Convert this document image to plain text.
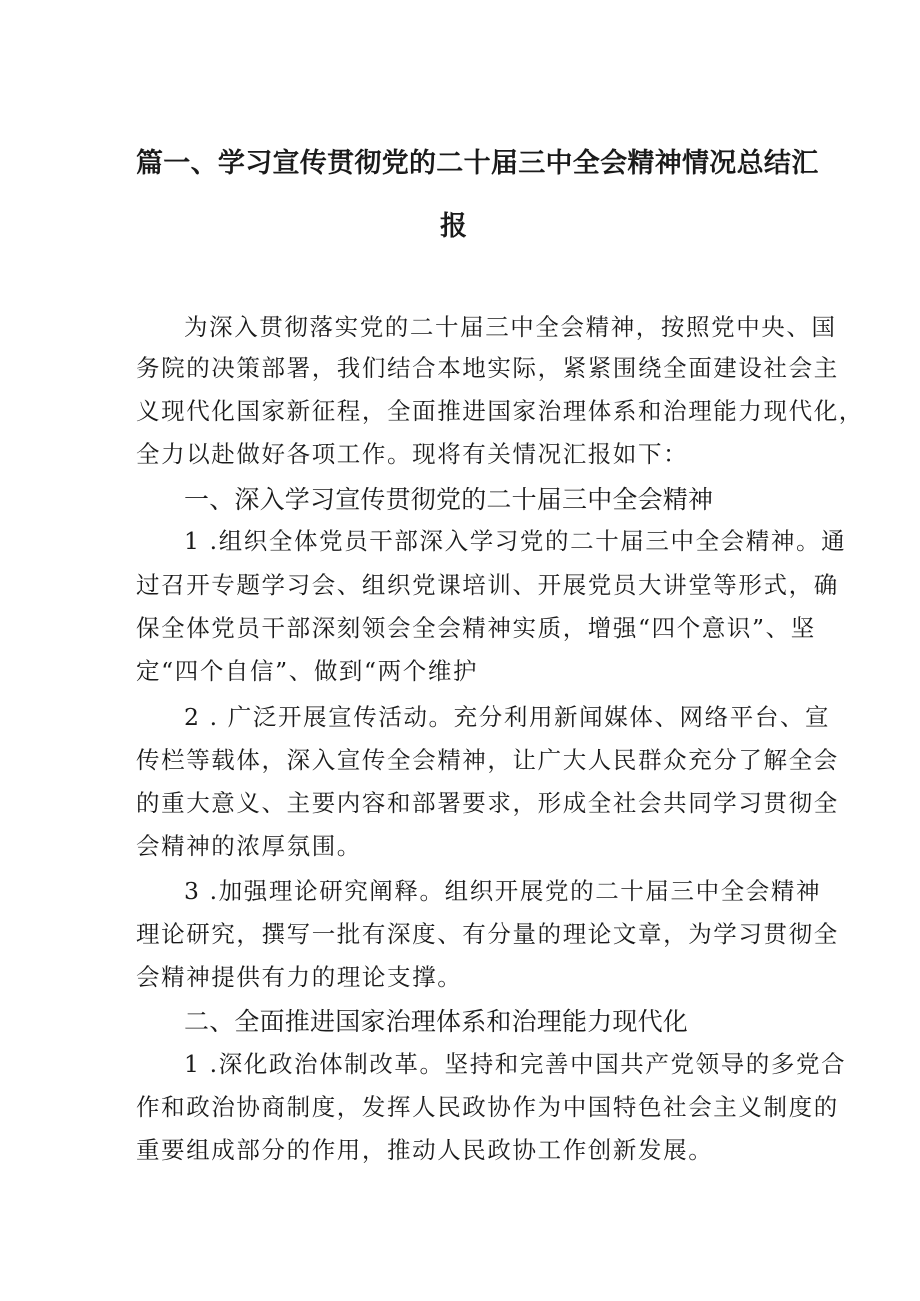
篇一、学习宣传贯彻党的二十届三中全会精神情况总结汇
报
为深入贯彻落实党的二十届三中全会精神，按照党中央、国
务院的决策部署，我们结合本地实际，紧紧围绕全面建设社会主
义现代化国家新征程，全面推进国家治理体系和治理能力现代化，
全力以赴做好各项工作。现将有关情况汇报如下：
一、深入学习宣传贯彻党的二十届三中全会精神
1 .组织全体党员干部深入学习党的二十届三中全会精神。通
过召开专题学习会、组织党课培训、开展党员大讲堂等形式，确
保全体党员干部深刻领会全会精神实质，增强“四个意识”、坚
定“四个自信”、做到“两个维护
2 . 广泛开展宣传活动。充分利用新闻媒体、网络平台、宣
传栏等载体，深入宣传全会精神，让广大人民群众充分了解全会
的重大意义、主要内容和部署要求，形成全社会共同学习贯彻全
会精神的浓厚氛围。
3 .加强理论研究阐释。组织开展党的二十届三中全会精神
理论研究，撰写一批有深度、有分量的理论文章，为学习贯彻全
会精神提供有力的理论支撑。
二、全面推进国家治理体系和治理能力现代化
1 .深化政治体制改革。坚持和完善中国共产党领导的多党合
作和政治协商制度，发挥人民政协作为中国特色社会主义制度的
重要组成部分的作用，推动人民政协工作创新发展。
